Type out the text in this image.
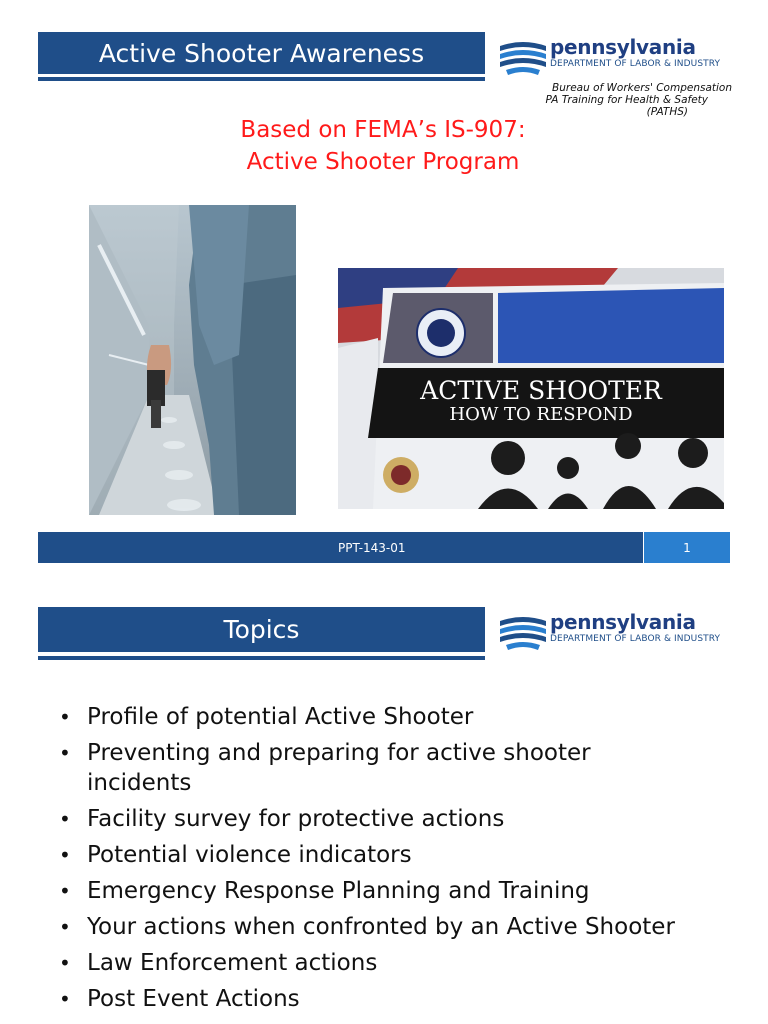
Active Shooter Awareness	pennsylvania
DEPARTMENT OF LABOR & INDUSTRY
Bureau of Workers' Compensation
PA Training for Health & Safety
(PATHS)
Based on FEMA’s IS-907:
Active Shooter Program
ACTIVE SHOOTER
HOW TO RESPOND
PPT-143-01	1
Topics	pennsylvania
DEPARTMENT OF LABOR & INDUSTRY
• Profile of potential Active Shooter
• Preventing and preparing for active shooter incidents
• Facility survey for protective actions
• Potential violence indicators
• Emergency Response Planning and Training
• Your actions when confronted by an Active Shooter
• Law Enforcement actions
• Post Event Actions
